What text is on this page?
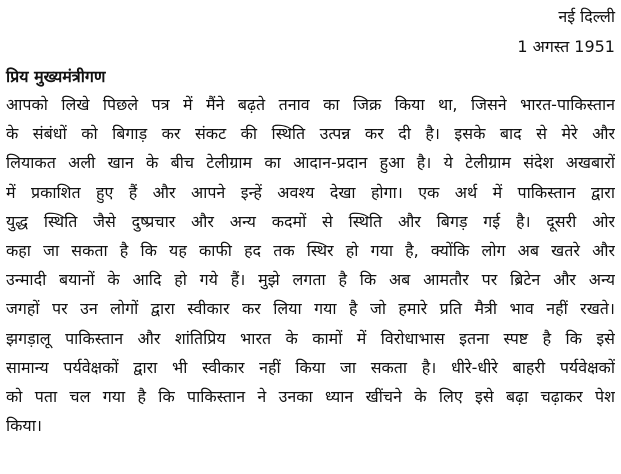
नई दिल्ली
1 अगस्त 1951
प्रिय मुख्यमंत्रीगण
आपको लिखे पिछले पत्र में मैंने बढ़ते तनाव का जिक्र किया था, जिसने भारत-पाकिस्तान
के संबंधों को बिगाड़ कर संकट की स्थिति उत्पन्न कर दी है। इसके बाद से मेरे और
लियाकत अली खान के बीच टेलीग्राम का आदान-प्रदान हुआ है। ये टेलीग्राम संदेश अखबारों
में प्रकाशित हुए हैं और आपने इन्हें अवश्य देखा होगा। एक अर्थ में पाकिस्तान द्वारा
युद्ध स्थिति जैसे दुष्प्रचार और अन्य कदमों से स्थिति और बिगड़ गई है। दूसरी ओर
कहा जा सकता है कि यह काफी हद तक स्थिर हो गया है, क्योंकि लोग अब खतरे और
उन्मादी बयानों के आदि हो गये हैं। मुझे लगता है कि अब आमतौर पर ब्रिटेन और अन्य
जगहों पर उन लोगों द्वारा स्वीकार कर लिया गया है जो हमारे प्रति मैत्री भाव नहीं रखते।
झगड़ालू पाकिस्तान और शांतिप्रिय भारत के कामों में विरोधाभास इतना स्पष्ट है कि इसे
सामान्य पर्यवेक्षकों द्वारा भी स्वीकार नहीं किया जा सकता है। धीरे-धीरे बाहरी पर्यवेक्षकों
को पता चल गया है कि पाकिस्तान ने उनका ध्यान खींचने के लिए इसे बढ़ा चढ़ाकर पेश
किया।
